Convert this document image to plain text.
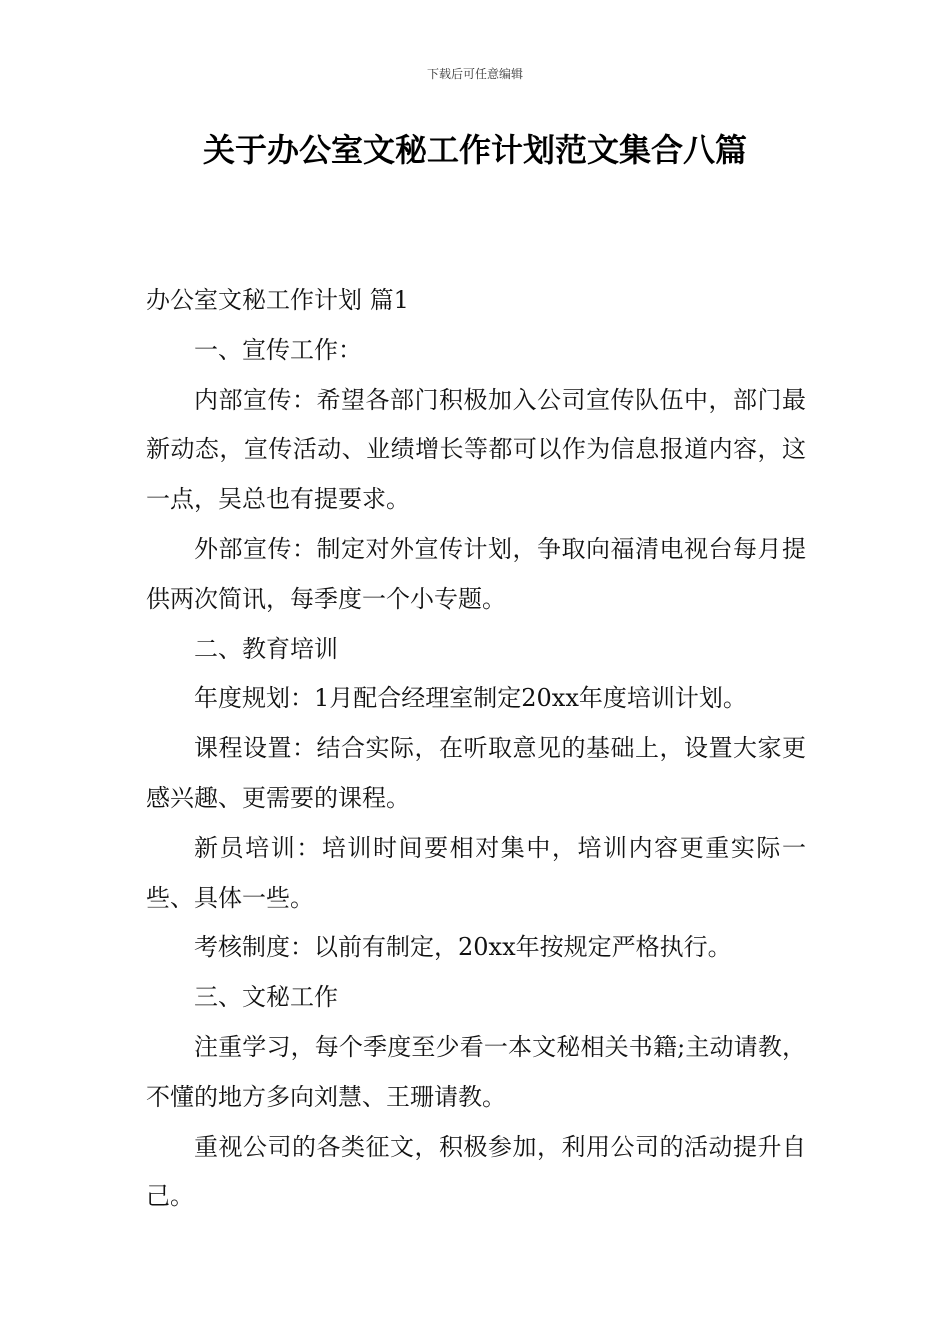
下载后可任意编辑
关于办公室文秘工作计划范文集合八篇

办公室文秘工作计划 篇1

一、宣传工作：

内部宣传：希望各部门积极加入公司宣传队伍中，部门最新动态，宣传活动、业绩增长等都可以作为信息报道内容，这一点，吴总也有提要求。

外部宣传：制定对外宣传计划，争取向福清电视台每月提供两次简讯，每季度一个小专题。

二、教育培训

年度规划：1月配合经理室制定20xx年度培训计划。

课程设置：结合实际，在听取意见的基础上，设置大家更感兴趣、更需要的课程。

新员培训：培训时间要相对集中，培训内容更重实际一些、具体一些。

考核制度：以前有制定，20xx年按规定严格执行。

三、文秘工作

注重学习，每个季度至少看一本文秘相关书籍;主动请教，不懂的地方多向刘慧、王珊请教。

重视公司的各类征文，积极参加，利用公司的活动提升自己。
